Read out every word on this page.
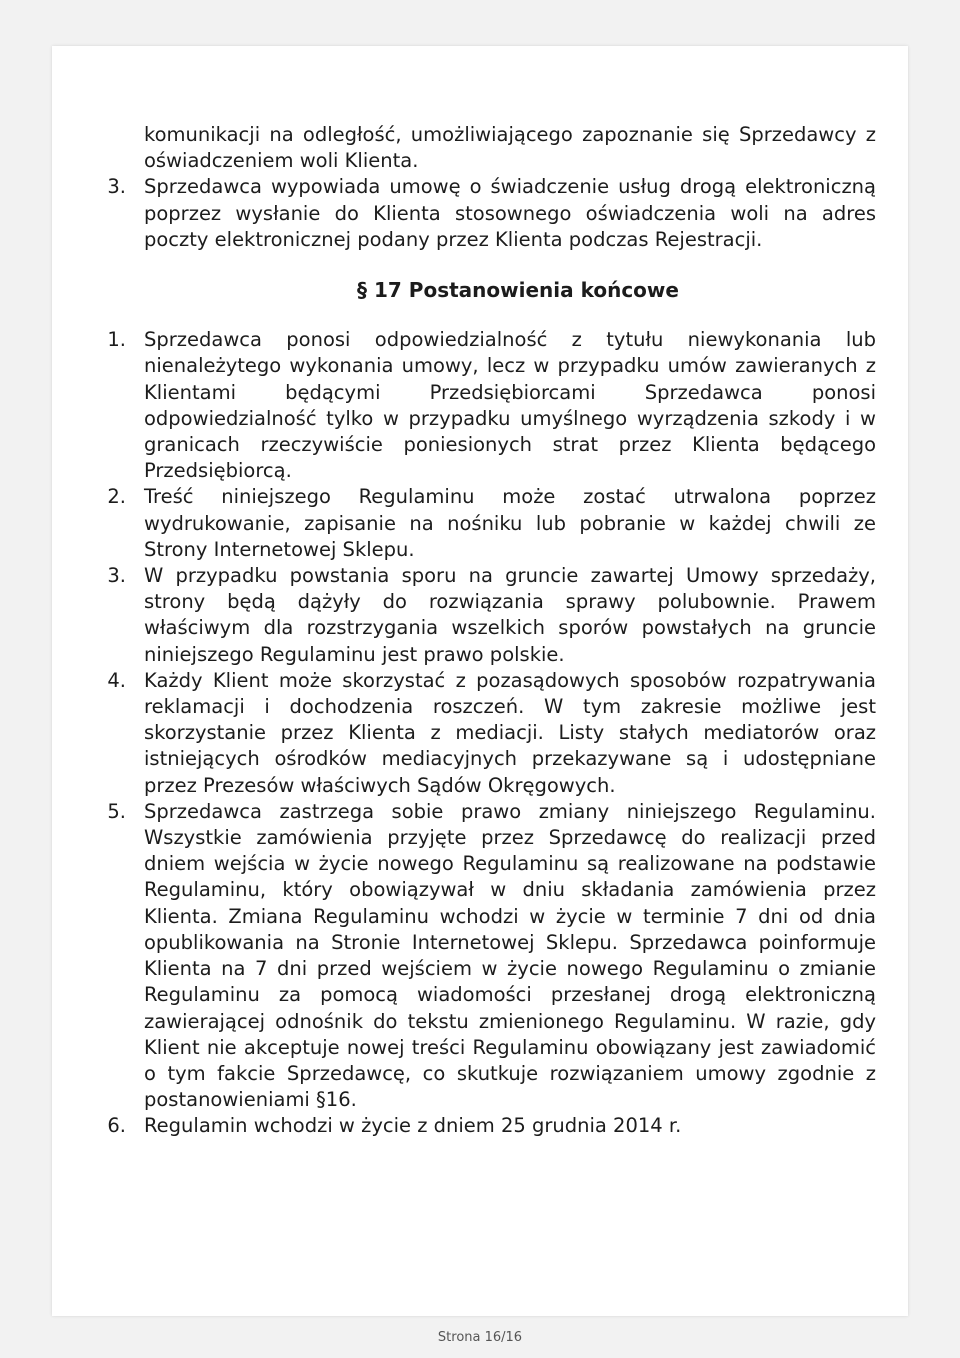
komunikacji na odległość, umożliwiającego zapoznanie się Sprzedawcy z oświadczeniem woli Klienta.
3. Sprzedawca wypowiada umowę o świadczenie usług drogą elektroniczną poprzez wysłanie do Klienta stosownego oświadczenia woli na adres poczty elektronicznej podany przez Klienta podczas Rejestracji.
§ 17 Postanowienia końcowe
1. Sprzedawca ponosi odpowiedzialność z tytułu niewykonania lub nienależytego wykonania umowy, lecz w przypadku umów zawieranych z Klientami będącymi Przedsiębiorcami Sprzedawca ponosi odpowiedzialność tylko w przypadku umyślnego wyrządzenia szkody i w granicach rzeczywiście poniesionych strat przez Klienta będącego Przedsiębiorcą.
2. Treść niniejszego Regulaminu może zostać utrwalona poprzez wydrukowanie, zapisanie na nośniku lub pobranie w każdej chwili ze Strony Internetowej Sklepu.
3. W przypadku powstania sporu na gruncie zawartej Umowy sprzedaży, strony będą dążyły do rozwiązania sprawy polubownie. Prawem właściwym dla rozstrzygania wszelkich sporów powstałych na gruncie niniejszego Regulaminu jest prawo polskie.
4. Każdy Klient może skorzystać z pozasądowych sposobów rozpatrywania reklamacji i dochodzenia roszczeń. W tym zakresie możliwe jest skorzystanie przez Klienta z mediacji. Listy stałych mediatorów oraz istniejących ośrodków mediacyjnych przekazywane są i udostępniane przez Prezesów właściwych Sądów Okręgowych.
5. Sprzedawca zastrzega sobie prawo zmiany niniejszego Regulaminu. Wszystkie zamówienia przyjęte przez Sprzedawcę do realizacji przed dniem wejścia w życie nowego Regulaminu są realizowane na podstawie Regulaminu, który obowiązywał w dniu składania zamówienia przez Klienta. Zmiana Regulaminu wchodzi w życie w terminie 7 dni od dnia opublikowania na Stronie Internetowej Sklepu. Sprzedawca poinformuje Klienta na 7 dni przed wejściem w życie nowego Regulaminu o zmianie Regulaminu za pomocą wiadomości przesłanej drogą elektroniczną zawierającej odnośnik do tekstu zmienionego Regulaminu. W razie, gdy Klient nie akceptuje nowej treści Regulaminu obowiązany jest zawiadomić o tym fakcie Sprzedawcę, co skutkuje rozwiązaniem umowy zgodnie z postanowieniami §16.
6. Regulamin wchodzi w życie z dniem 25 grudnia 2014 r.
Strona 16/16
